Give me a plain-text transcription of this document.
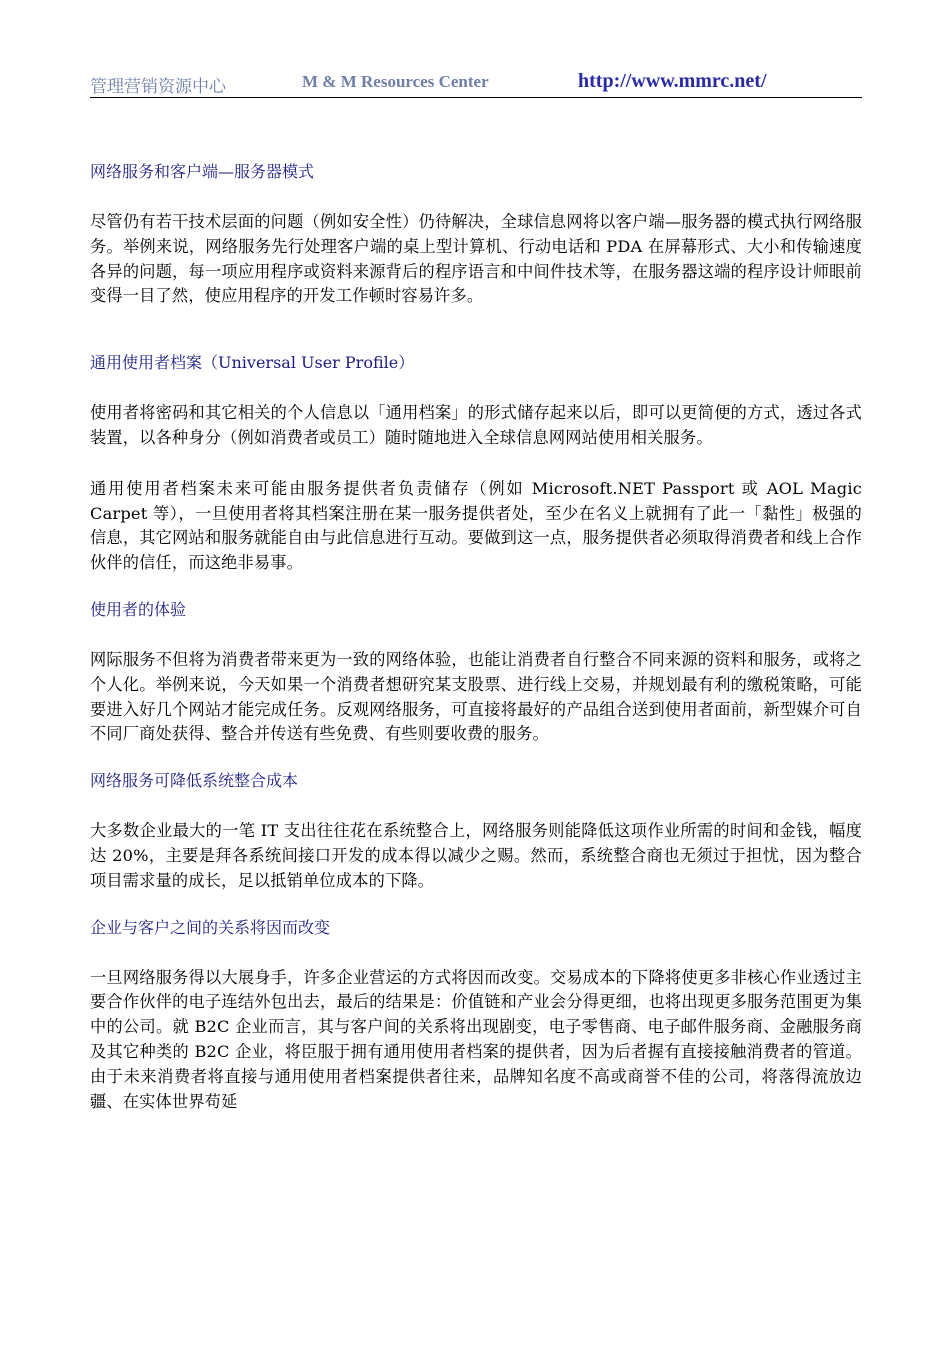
管理营销资源中心	M & M Resources Center	http://www.mmrc.net/
网络服务和客户端—服务器模式

尽管仍有若干技术层面的问题（例如安全性）仍待解决，全球信息网将以客户端—服务器的模式执行网络服务。举例来说，网络服务先行处理客户端的桌上型计算机、行动电话和 PDA 在屏幕形式、大小和传输速度各异的问题，每一项应用程序或资料来源背后的程序语言和中间件技术等，在服务器这端的程序设计师眼前变得一目了然，使应用程序的开发工作顿时容易许多。

通用使用者档案（Universal User Profile）

使用者将密码和其它相关的个人信息以「通用档案」的形式储存起来以后，即可以更简便的方式，透过各式装置，以各种身分（例如消费者或员工）随时随地进入全球信息网网站使用相关服务。

通用使用者档案未来可能由服务提供者负责储存（例如 Microsoft.NET Passport 或 AOL Magic Carpet 等），一旦使用者将其档案注册在某一服务提供者处，至少在名义上就拥有了此一「黏性」极强的信息，其它网站和服务就能自由与此信息进行互动。要做到这一点，服务提供者必须取得消费者和线上合作伙伴的信任，而这绝非易事。

使用者的体验

网际服务不但将为消费者带来更为一致的网络体验，也能让消费者自行整合不同来源的资料和服务，或将之个人化。举例来说，今天如果一个消费者想研究某支股票、进行线上交易，并规划最有利的缴税策略，可能要进入好几个网站才能完成任务。反观网络服务，可直接将最好的产品组合送到使用者面前，新型媒介可自不同厂商处获得、整合并传送有些免费、有些则要收费的服务。

网络服务可降低系统整合成本

大多数企业最大的一笔 IT 支出往往花在系统整合上，网络服务则能降低这项作业所需的时间和金钱，幅度达 20%，主要是拜各系统间接口开发的成本得以减少之赐。然而，系统整合商也无须过于担忧，因为整合项目需求量的成长，足以抵销单位成本的下降。

企业与客户之间的关系将因而改变

一旦网络服务得以大展身手，许多企业营运的方式将因而改变。交易成本的下降将使更多非核心作业透过主要合作伙伴的电子连结外包出去，最后的结果是：价值链和产业会分得更细，也将出现更多服务范围更为集中的公司。就 B2C 企业而言，其与客户间的关系将出现剧变，电子零售商、电子邮件服务商、金融服务商及其它种类的 B2C 企业，将臣服于拥有通用使用者档案的提供者，因为后者握有直接接触消费者的管道。由于未来消费者将直接与通用使用者档案提供者往来，品牌知名度不高或商誉不佳的公司，将落得流放边疆、在实体世界苟延
